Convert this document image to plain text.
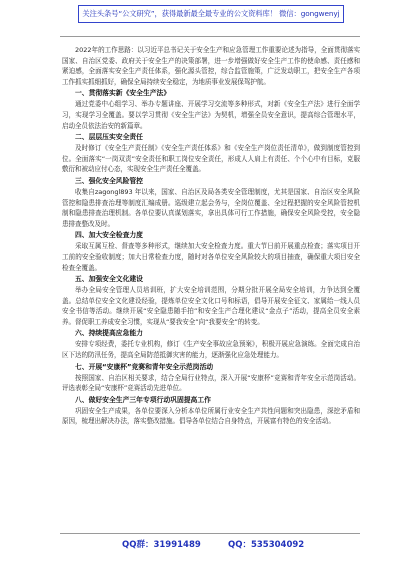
关注头条号“公文研究”，获得最新最全最专业的公文资料库！ 微信：gongwenyj

2022年的工作思路：以习近平总书记关于安全生产和应急管理工作重要论述为指导，全面贯彻落实国家、自治区党委、政府关于安全生产的决策部署，进一步增强做好安全生产工作的使命感、责任感和紧迫感，全面落实安全生产责任体系，强化源头管控，综合监管施策，广泛发动职工，把安全生产各项工作抓实抓细抓好，确保全局持续安全稳定，为地质事业发展保驾护航。

一、贯彻落实新《安全生产法》

通过党委中心组学习、举办专题讲座、开展学习交流等多种形式，对新《安全生产法》进行全面学习，实现学习全覆盖。要以学习贯彻《安全生产法》为契机，增强全员安全意识，提高综合管理水平，启动全员依法治安的新篇章。

二、层层压实安全责任

及时修订《安全生产责任制》《安全生产责任体系》和《安全生产岗位责任清单》，做到制度管控到位。全面落实“一岗双责”安全责任和职工岗位安全责任，形成人人肩上有责任、个个心中有目标，克服敷衍和被动应付心态，实现安全生产责任全覆盖。

三、强化安全风险管控

收集自zagongl893 年以来，国家、自治区及局各类安全管理制度，尤其是国家、自治区安全风险管控和隐患排查治理等制度汇编成册。巡级建立起会务与，全岗位覆盖、全过程把握的安全风险管控机制和隐患排查治理机制。各单位要认真谋划落实，拿出具体可行工作措施，确保安全风险受控，安全隐患排查整改及时。

四、加大安全检查力度

采取互属互检、督查等多种形式，继续加大安全检查力度。重大节日前开展重点检查；落实项目开工前的安全验收制度；加大日常检查力度，随时对各单位安全风险较大的项目抽查，确保重大项目安全检查全覆盖。

五、加强安全文化建设

举办全局安全管理人员培训班，扩大安全培训范围，分期分批开展全局安全培训，力争达到全覆盖。总结单位安全文化建设经验，提炼单位安全文化口号和标语，倡导开展安全征文、家属给一线人员安全书信等活动。继续开展“安全隐患随手拍”和安全生产合理化建议“金点子”活动，提高全员安全素养。督促职工养成安全习惯，实现从“要我安全”向“我要安全”的转变。

六、持续提高应急能力

安排专项经费，委托专业机构，修订《生产安全事故应急预案》，积极开展应急演练。全面完成自治区下达的防汛任务，提高全局防范抵御灾害的能力，逐渐强化应急处理能力。

七、开展“安康杯”竞赛和青年安全示范岗活动

按照国家、自治区相关要求，结合全局行业特点，深入开展“安康杯”竞赛和青年安全示范岗活动。评选表彰全局“安康杯”竞赛活动先进单位。

八、做好安全生产三年专项行动巩固提高工作

巩固安全生产成果，各单位要深入分析本单位所属行业安全生产共性问题和突出隐患，深挖矛盾和原因，梳理出解决办法，落实整改措施。倡导各单位结合自身特点，开展富有特色的安全活动。

QQ群：31991489	QQ：535304092
